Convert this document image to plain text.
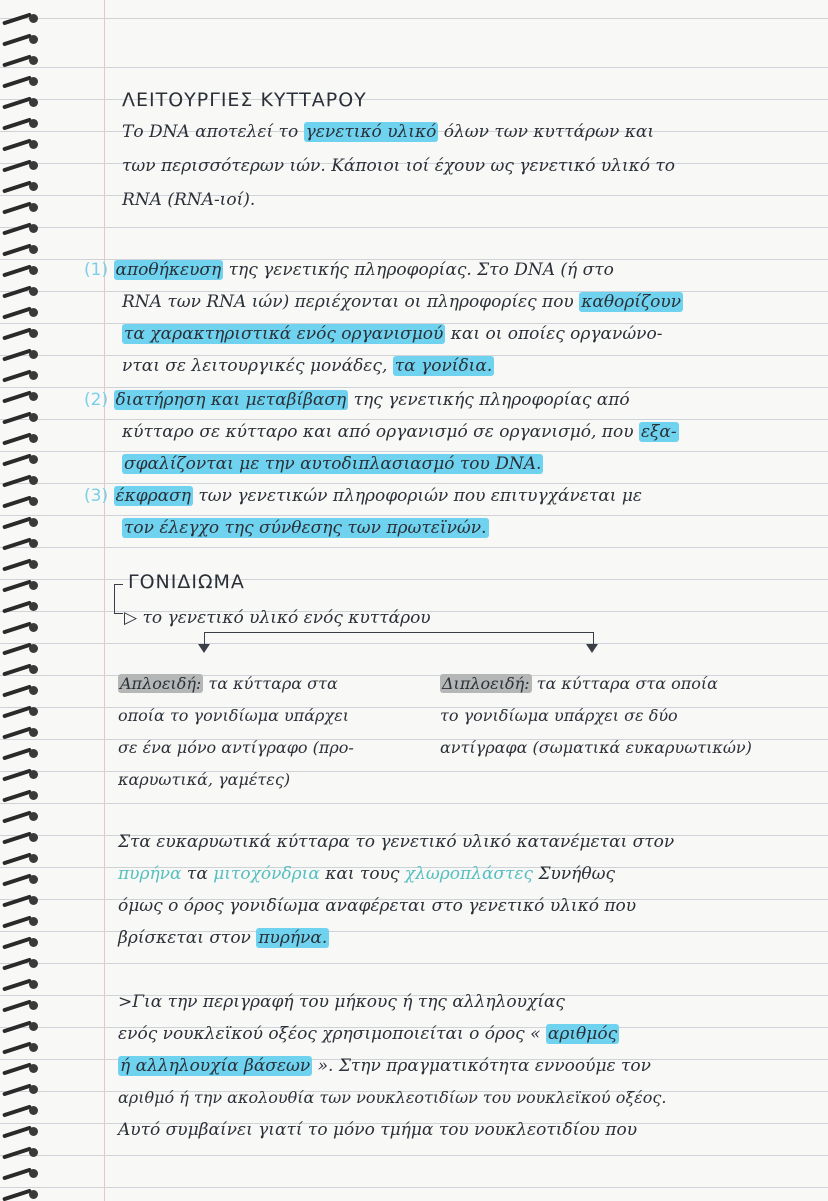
ΛΕΙΤΟΥΡΓΙΕΣ ΚΥΤΤΑΡΟΥ
Το DNA αποτελεί το γενετικό υλικό όλων των κυττάρων και
των περισσότερων ιών. Κάποιοι ιοί έχουν ως γενετικό υλικό το
RNA (RNA-ιοί).
(1) αποθήκευση της γενετικής πληροφορίας. Στο DNA (ή στο
RNA των RNA ιών) περιέχονται οι πληροφορίες που καθορίζουν
τα χαρακτηριστικά ενός οργανισμού και οι οποίες οργανώνο-
νται σε λειτουργικές μονάδες, τα γονίδια.
(2) διατήρηση και μεταβίβαση της γενετικής πληροφορίας από
κύτταρο σε κύτταρο και από οργανισμό σε οργανισμό, που εξα-
σφαλίζονται με την αυτοδιπλασιασμό του DNA.
(3) έκφραση των γενετικών πληροφοριών που επιτυγχάνεται με
τον έλεγχο της σύνθεσης των πρωτεϊνών.
ΓΟΝΙΔΙΩΜΑ
▷ το γενετικό υλικό ενός κυττάρου
Απλοειδή: τα κύτταρα στα
οποία το γονιδίωμα υπάρχει
σε ένα μόνο αντίγραφο (προ-
καρυωτικά, γαμέτες)
Διπλοειδή: τα κύτταρα στα οποία
το γονιδίωμα υπάρχει σε δύο
αντίγραφα (σωματικά ευκαρυωτικών)
Στα ευκαρυωτικά κύτταρα το γενετικό υλικό κατανέμεται στον
πυρήνα τα μιτοχόνδρια και τους χλωροπλάστες Συνήθως
όμως ο όρος γονιδίωμα αναφέρεται στο γενετικό υλικό που
βρίσκεται στον πυρήνα.
>Για την περιγραφή του μήκους ή της αλληλουχίας
ενός νουκλεϊκού οξέος χρησιμοποιείται ο όρος « αριθμός
ή αλληλουχία βάσεων ». Στην πραγματικότητα εννοούμε τον
αριθμό ή την ακολουθία των νουκλεοτιδίων του νουκλεϊκού οξέος.
Αυτό συμβαίνει γιατί το μόνο τμήμα του νουκλεοτιδίου που
